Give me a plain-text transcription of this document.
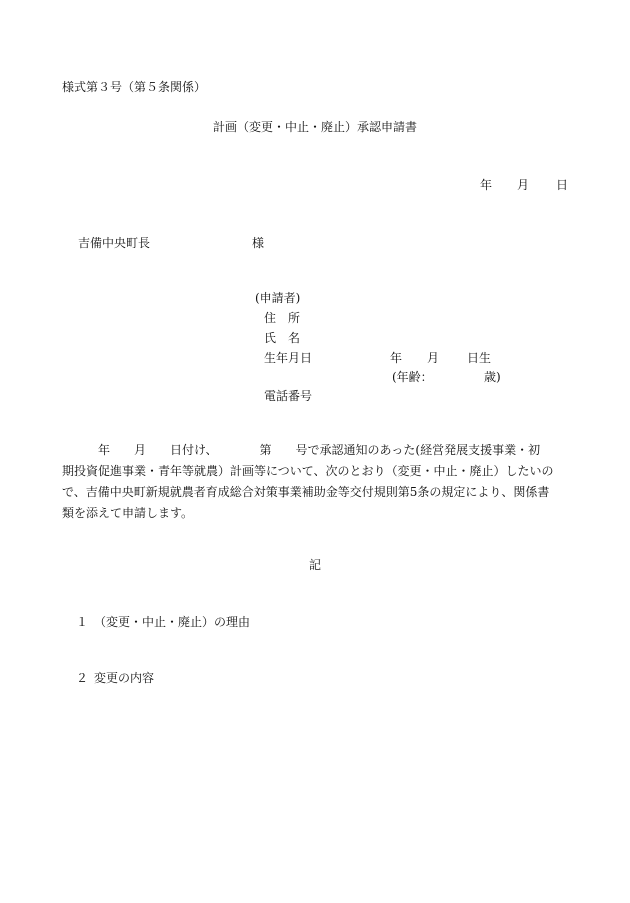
様式第３号（第５条関係）
計画（変更・中止・廃止）承認申請書
年 月 日
吉備中央町長	様
(申請者)
住　所
氏　名
生年月日	年 月 日生
(年齢：	歳)
電話番号

　　　年　　月　　日付け、　　　　第　　号で承認通知のあった(経営発展支援事業・初

期投資促進事業・青年等就農）計画等について、次のとおり（変更・中止・廃止）したいの

で、吉備中央町新規就農者育成総合対策事業補助金等交付規則第5条の規定により、関係書

類を添えて申請します。

記
１ （変更・中止・廃止）の理由
２ 変更の内容
